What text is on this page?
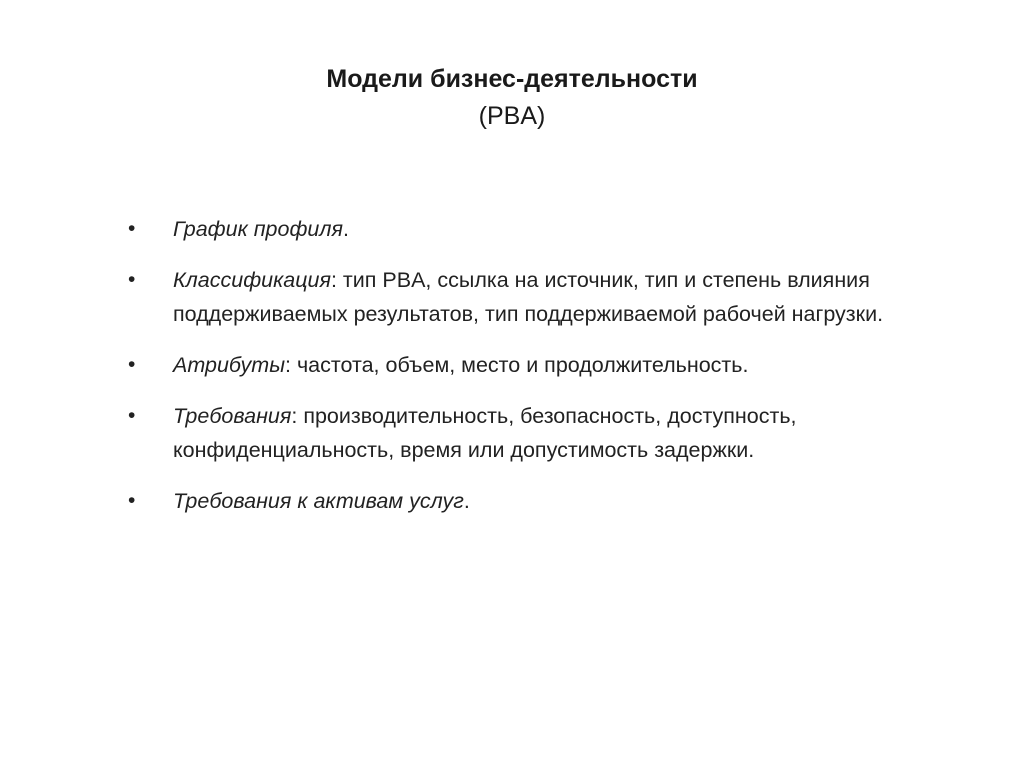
Модели бизнес-деятельности
(PBA)
• График профиля.
• Классификация: тип PBA, ссылка на источник, тип и степень влияния поддерживаемых результатов, тип поддерживаемой рабочей нагрузки.
• Атрибуты: частота, объем, место и продолжительность.
• Требования: производительность, безопасность, доступность, конфиденциальность, время или допустимость задержки.
• Требования к активам услуг.
